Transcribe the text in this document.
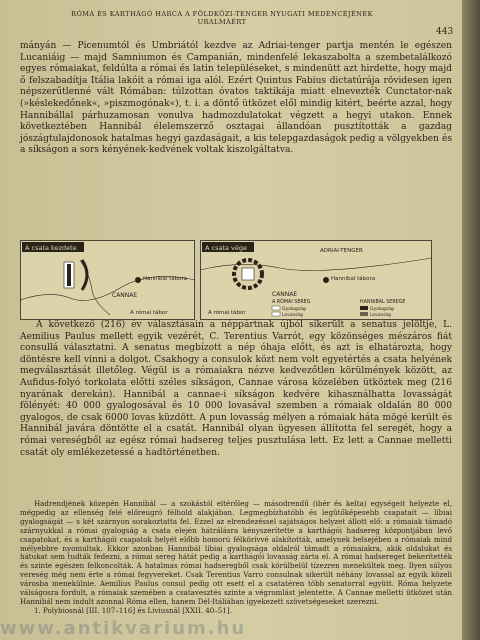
RÓMA ÉS KARTHÁGÓ HARCA A FÖLDKÖZI-TENGER NYUGATI MEDENCÉJÉNEK
URALMÁÉRT
443

mányán — Picenumtól és Umbriától kezdve az Adriai-tenger partja mentén le egészen Lucaniáig — majd Samniumon és Campanián, mindenfelé lekaszabolta a szembetalálkozó egyes rómaiakat, feldúlta a római és latin településeket, s mindenütt azt hirdette, hogy majd ő felszabadítja Itália lakóit a római iga alól. Ezért Quintus Fabius dictatúrája rövidesen igen népszerűtlenné vált Rómában: túlzottan óvatos taktikája miatt elnevezték Cunctator-nak (»késlekedőnek«, »piszmogónak«), t. i. a döntő ütközet elől mindig kitért, beérte azzal, hogy Hannibállal párhuzamosan vonulva hadmozdulatokat végzett a hegyi utakon. Ennek következtében Hannibál élelemszerző osztagai állandóan pusztították a gazdag jószágtulajdonosok hatalmas hegyi gazdaságait, a kis telepgazdaságok pedig a völgyekben és a síkságon a sors kényének-kedvének voltak kiszolgáltatva.

A csata kezdete
Hannibal tábora
CANNAE
A római tábor
ADRIAI-TENGER
A csata vége
Hannibal tábora
CANNAE
A római tábor
A RÓMAI SEREG
Gyalogság
Lovasság
HANNIBAL SEREGE
Gyalogság
Lovasság

A következő (216) év választásain a néppártnak újból sikerült a senatus jelöltje, L. Aemilius Paulus mellett egyik vezérét, C. Terentius Varrót, egy közönséges mészáros fiát consullá választatni. A senatus megbízott a nép óhaja előtt, és azt is elhatározta, hogy döntésre kell vinni a dolgot. Csakhogy a consulok közt nem volt egyetértés a csata helyének megválasztását illetőleg. Végül is a rómaiakra nézve kedvezőtlen körülmények között, az Aufidus-folyó torkolata előtti széles síkságon, Cannae városa közelében ütköztek meg (216 nyarának derekán). Hannibál a cannae-i síkságon kedvére kihasználhatta lovasságát fölényét: 40 000 gyalogosával és 10 000 lovasával szemben a rómaiak oldalán 80 000 gyalogos, de csak 6000 lovas küzdött. A pun lovasság mélyen a rómaiak háta mögé került és Hannibál javára döntötte el a csatát. Hannibál olyan ügyesen állította fel seregét, hogy a római vereségből az egész római hadsereg teljes pusztulása lett. Ez lett a Cannae melletti csatát oly emlékezetessé a hadtörténetben.

Hadrendjének közepén Hannibál — a szokástól eltérőleg — másodrendű (ibér és kelta) egységeit helyezte el, mégpedig az ellenség felé előreugró félhold alakjában. Legmegbízhatóbb és legütőképesebb csapatait — líbiai gyalogságát — s két szárnyon sorakoztatta fel. Ezzel az elrendezéssel sajátságos helyzet állott elő: a rómaiak támadó szárnyukkal a római gyalogság a csata elején hátrálásra kényszerítette a karthágói hadsereg központjában levő csapatokat, és a karthágói csapatok helyét előbb homorú félkörívvé alakították, amelynek belsejében a rómaiak mind mélyebbre nyomultak. Ekkor azonban Hannibál líbiai gyalogsága oldalról támadt a rómaiakra, akik oldalukat és hátukat sem tudták fedezni, a római sereg hátát pedig a karthágói lovasság zárta el. A római hadsereget bekerítették és szinte egészen felkoncolták. A hatalmas római hadseregből csak körülbelül tízezren menekültek meg. Ilyen súlyos vereség még nem érte a római fegyvereket. Csak Terentius Varro consulnak sikerült néhány lovassal az egyik közeli városba menekülnie. Aemilius Paulus consul pedig ott esett el a csatatéren több senatorral együtt. Róma helyzete válságosra fordult, a rómaiak szemében a csatavesztés szinte a végromlást jelentette. A Cannae melletti ütközet után Hannibál nem indult azonnal Róma ellen, hanem Dél-Itáliában igyekezett szövetségeseket szerezni.
1. Polybiosnál [III. 107–116] és Liviusnál [XXII. 40–51].
www.antikvarium.hu
